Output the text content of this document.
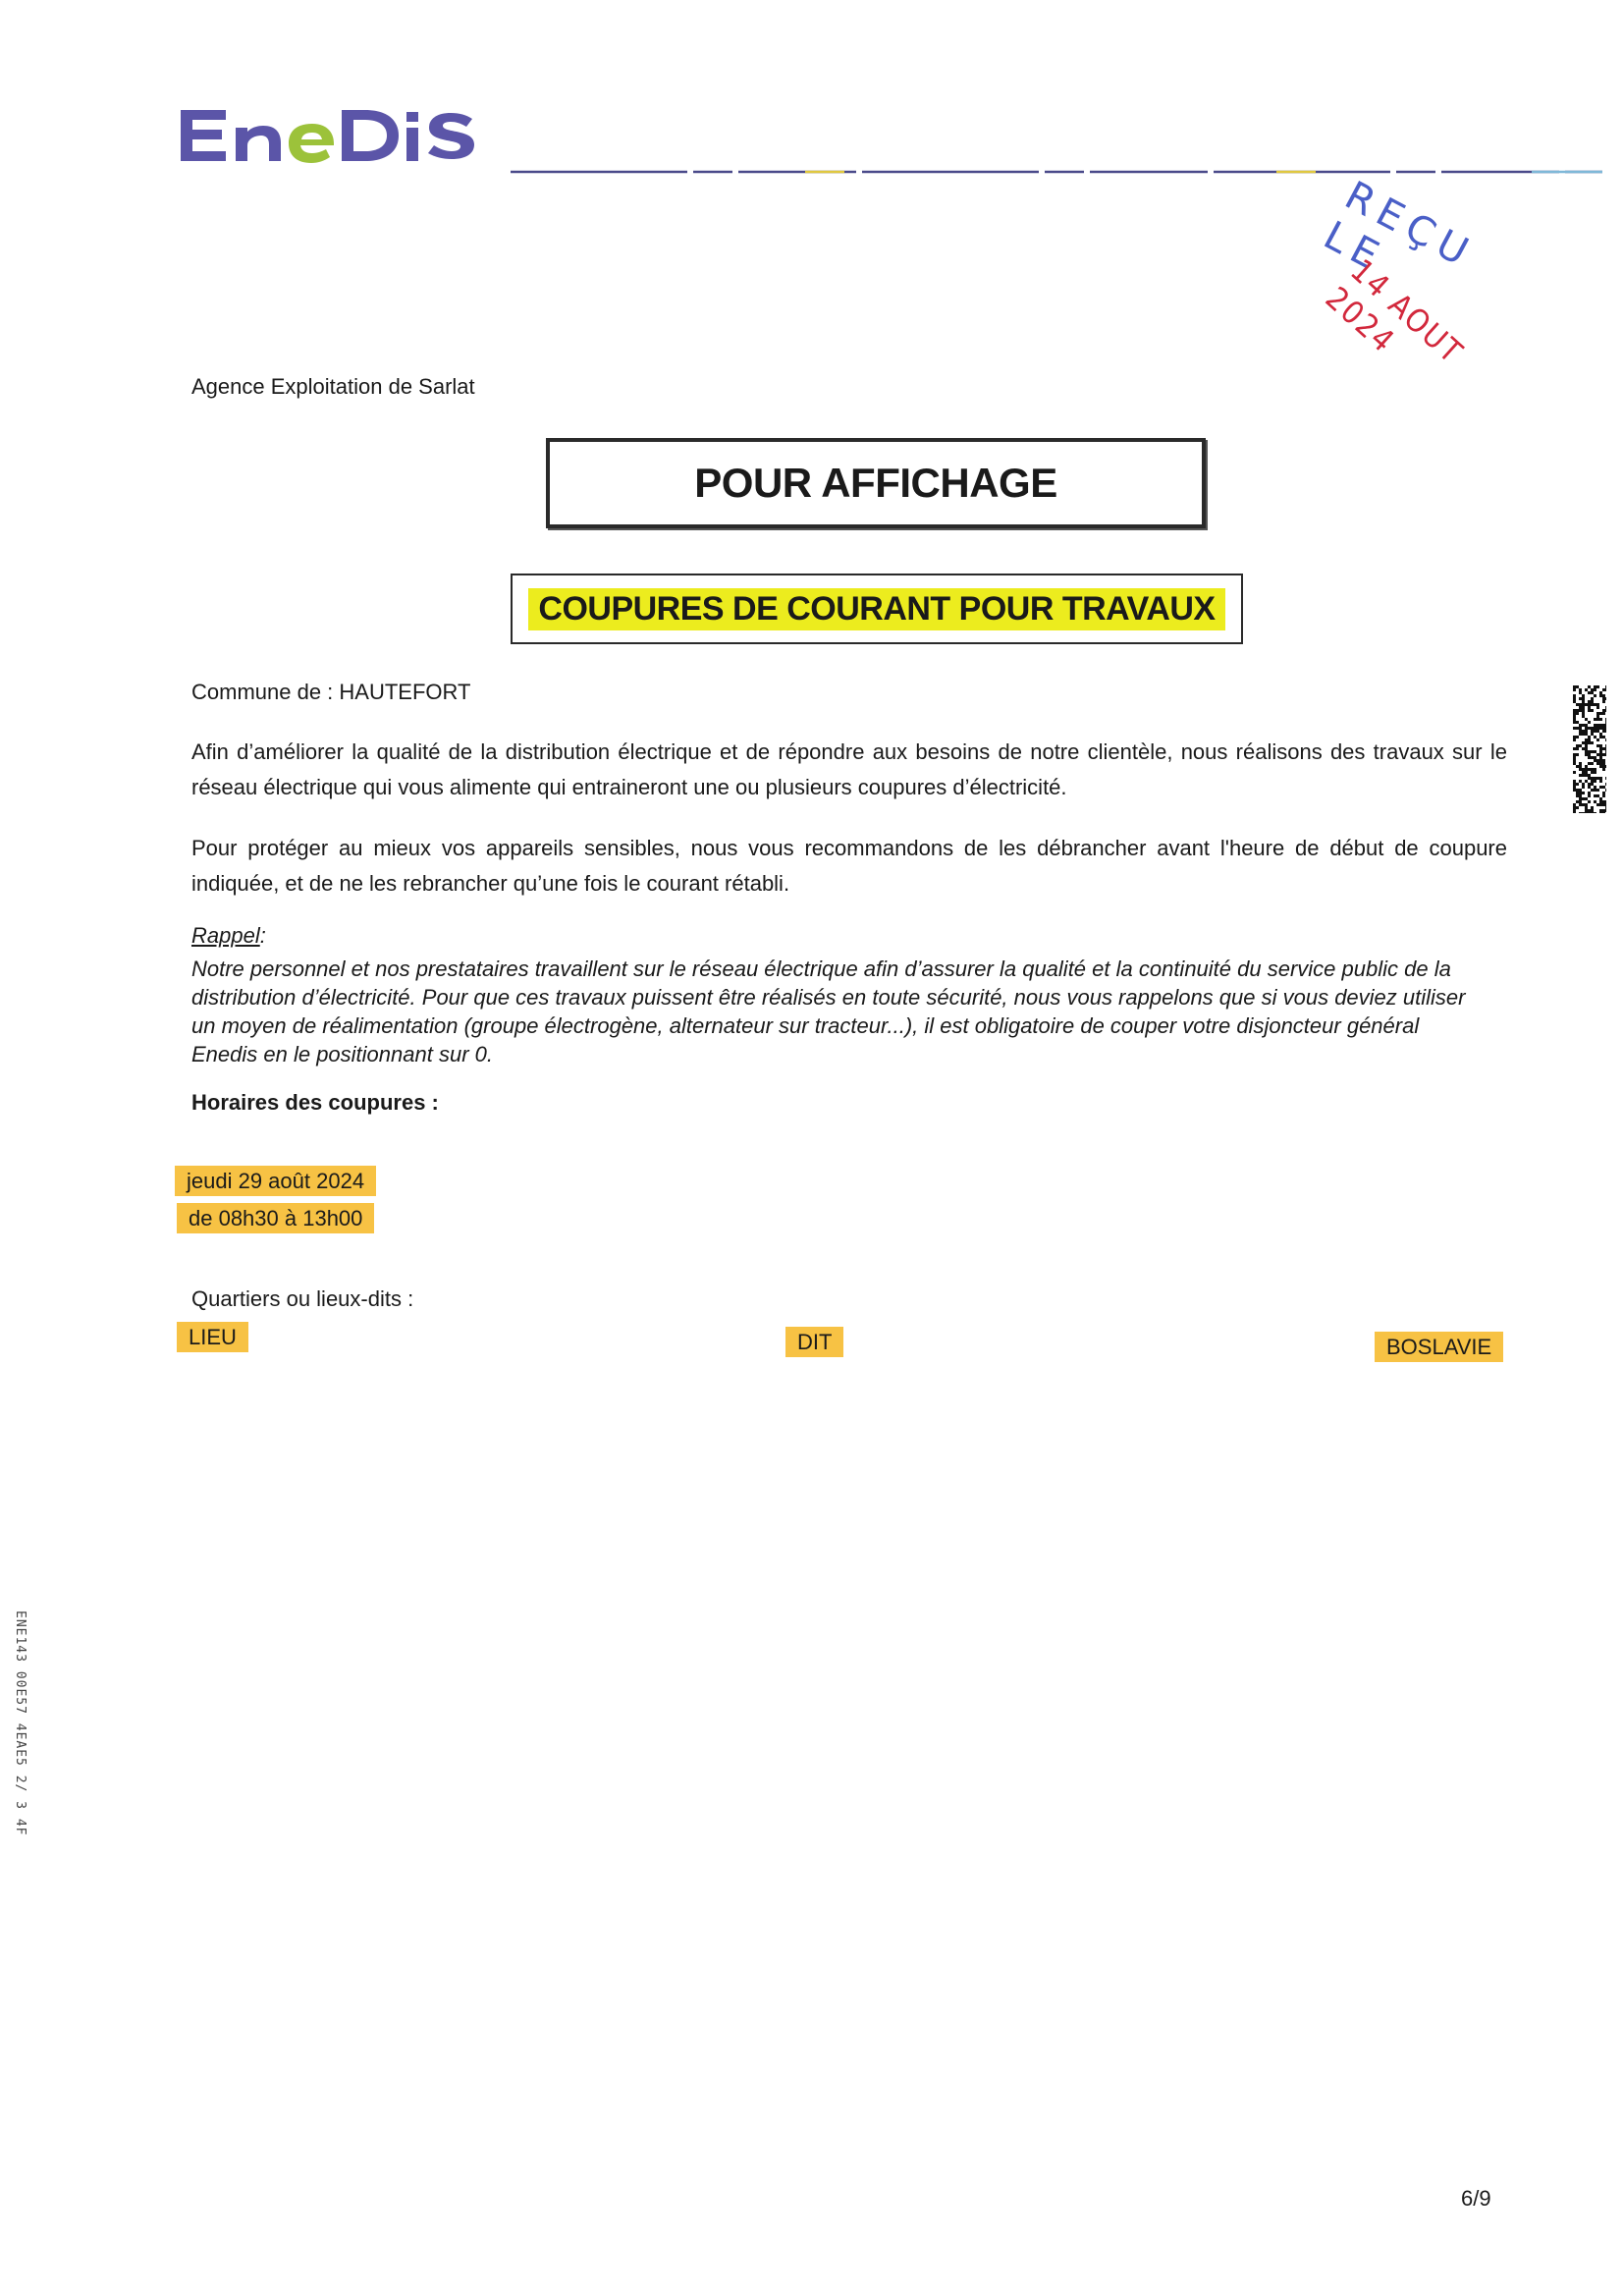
REÇU LE
14 AOUT 2024
Agence Exploitation de Sarlat
POUR AFFICHAGE
COUPURES DE COURANT POUR TRAVAUX
Commune de : HAUTEFORT
Afin d’améliorer la qualité de la distribution électrique et de répondre aux besoins de notre clientèle, nous réalisons des travaux sur le réseau électrique qui vous alimente qui entraineront une ou plusieurs coupures d’électricité.
Pour protéger au mieux vos appareils sensibles, nous vous recommandons de les débrancher avant l'heure de début de coupure indiquée, et de ne les rebrancher qu’une fois le courant rétabli.
Rappel:
Notre personnel et nos prestataires travaillent sur le réseau électrique afin d’assurer la qualité et la continuité du service public de la distribution d’électricité. Pour que ces travaux puissent être réalisés en toute sécurité, nous vous rappelons que si vous deviez utiliser un moyen de réalimentation (groupe électrogène, alternateur sur tracteur...), il est obligatoire de couper votre disjoncteur général Enedis en le positionnant sur 0.
Horaires des coupures :
jeudi 29 août 2024
de 08h30 à 13h00
Quartiers ou lieux-dits :
LIEU	DIT	BOSLAVIE
ENE143 00E57 4EAE5 2/ 3 4F
6/9
